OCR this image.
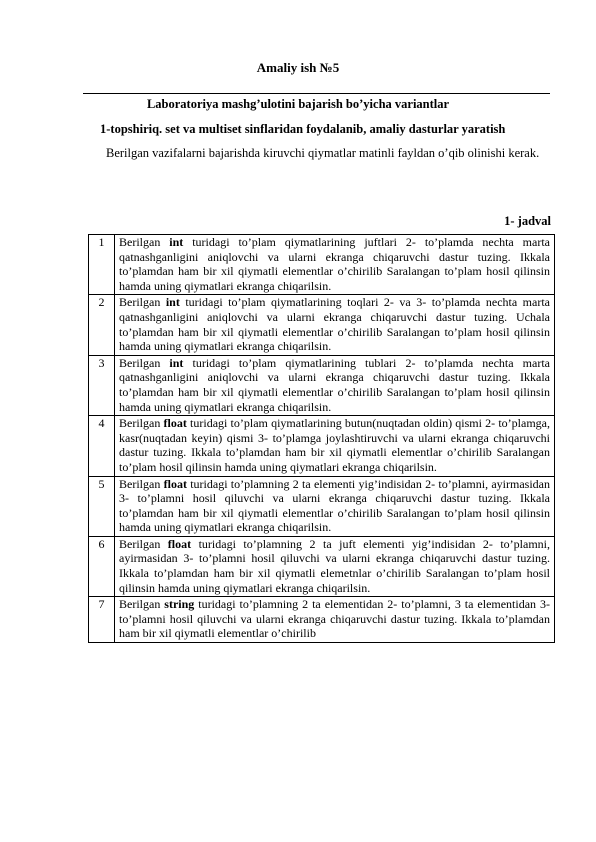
Amaliy ish №5
Laboratoriya mashg’ulotini bajarish bo’yicha variantlar
1-topshiriq. set va multiset sinflaridan foydalanib, amaliy dasturlar yaratish
Berilgan vazifalarni bajarishda kiruvchi qiymatlar matinli fayldan o’qib olinishi kerak.
1- jadval
1	Berilgan int turidagi to’plam qiymatlarining juftlari 2- to’plamda nechta marta qatnashganligini aniqlovchi va ularni ekranga chiqaruvchi dastur tuzing. Ikkala to’plamdan ham bir xil qiymatli elementlar o’chirilib Saralangan to’plam hosil qilinsin hamda uning qiymatlari ekranga chiqarilsin.
2	Berilgan int turidagi to’plam qiymatlarining toqlari 2- va 3- to’plamda nechta marta qatnashganligini aniqlovchi va ularni ekranga chiqaruvchi dastur tuzing. Uchala to’plamdan ham bir xil qiymatli elementlar o’chirilib Saralangan to’plam hosil qilinsin hamda uning qiymatlari ekranga chiqarilsin.
3	Berilgan int turidagi to’plam qiymatlarining tublari 2- to’plamda nechta marta qatnashganligini aniqlovchi va ularni ekranga chiqaruvchi dastur tuzing. Ikkala to’plamdan ham bir xil qiymatli elementlar o’chirilib Saralangan to’plam hosil qilinsin hamda uning qiymatlari ekranga chiqarilsin.
4	Berilgan float turidagi to’plam qiymatlarining butun(nuqtadan oldin) qismi 2- to’plamga, kasr(nuqtadan keyin) qismi 3- to’plamga joylashtiruvchi va ularni ekranga chiqaruvchi dastur tuzing. Ikkala to’plamdan ham bir xil qiymatli elementlar o’chirilib Saralangan to’plam hosil qilinsin hamda uning qiymatlari ekranga chiqarilsin.
5	Berilgan float turidagi to’plamning 2 ta elementi yig’indisidan 2- to’plamni, ayirmasidan 3- to’plamni hosil qiluvchi va ularni ekranga chiqaruvchi dastur tuzing. Ikkala to’plamdan ham bir xil qiymatli elementlar o’chirilib Saralangan to’plam hosil qilinsin hamda uning qiymatlari ekranga chiqarilsin.
6	Berilgan float turidagi to’plamning 2 ta juft elementi yig’indisidan 2- to’plamni, ayirmasidan 3- to’plamni hosil qiluvchi va ularni ekranga chiqaruvchi dastur tuzing. Ikkala to’plamdan ham bir xil qiymatli elemetnlar o’chirilib Saralangan to’plam hosil qilinsin hamda uning qiymatlari ekranga chiqarilsin.
7	Berilgan string turidagi to’plamning 2 ta elementidan 2- to’plamni, 3 ta elementidan 3- to’plamni hosil qiluvchi va ularni ekranga chiqaruvchi dastur tuzing. Ikkala to’plamdan ham bir xil qiymatli elementlar o’chirilib
